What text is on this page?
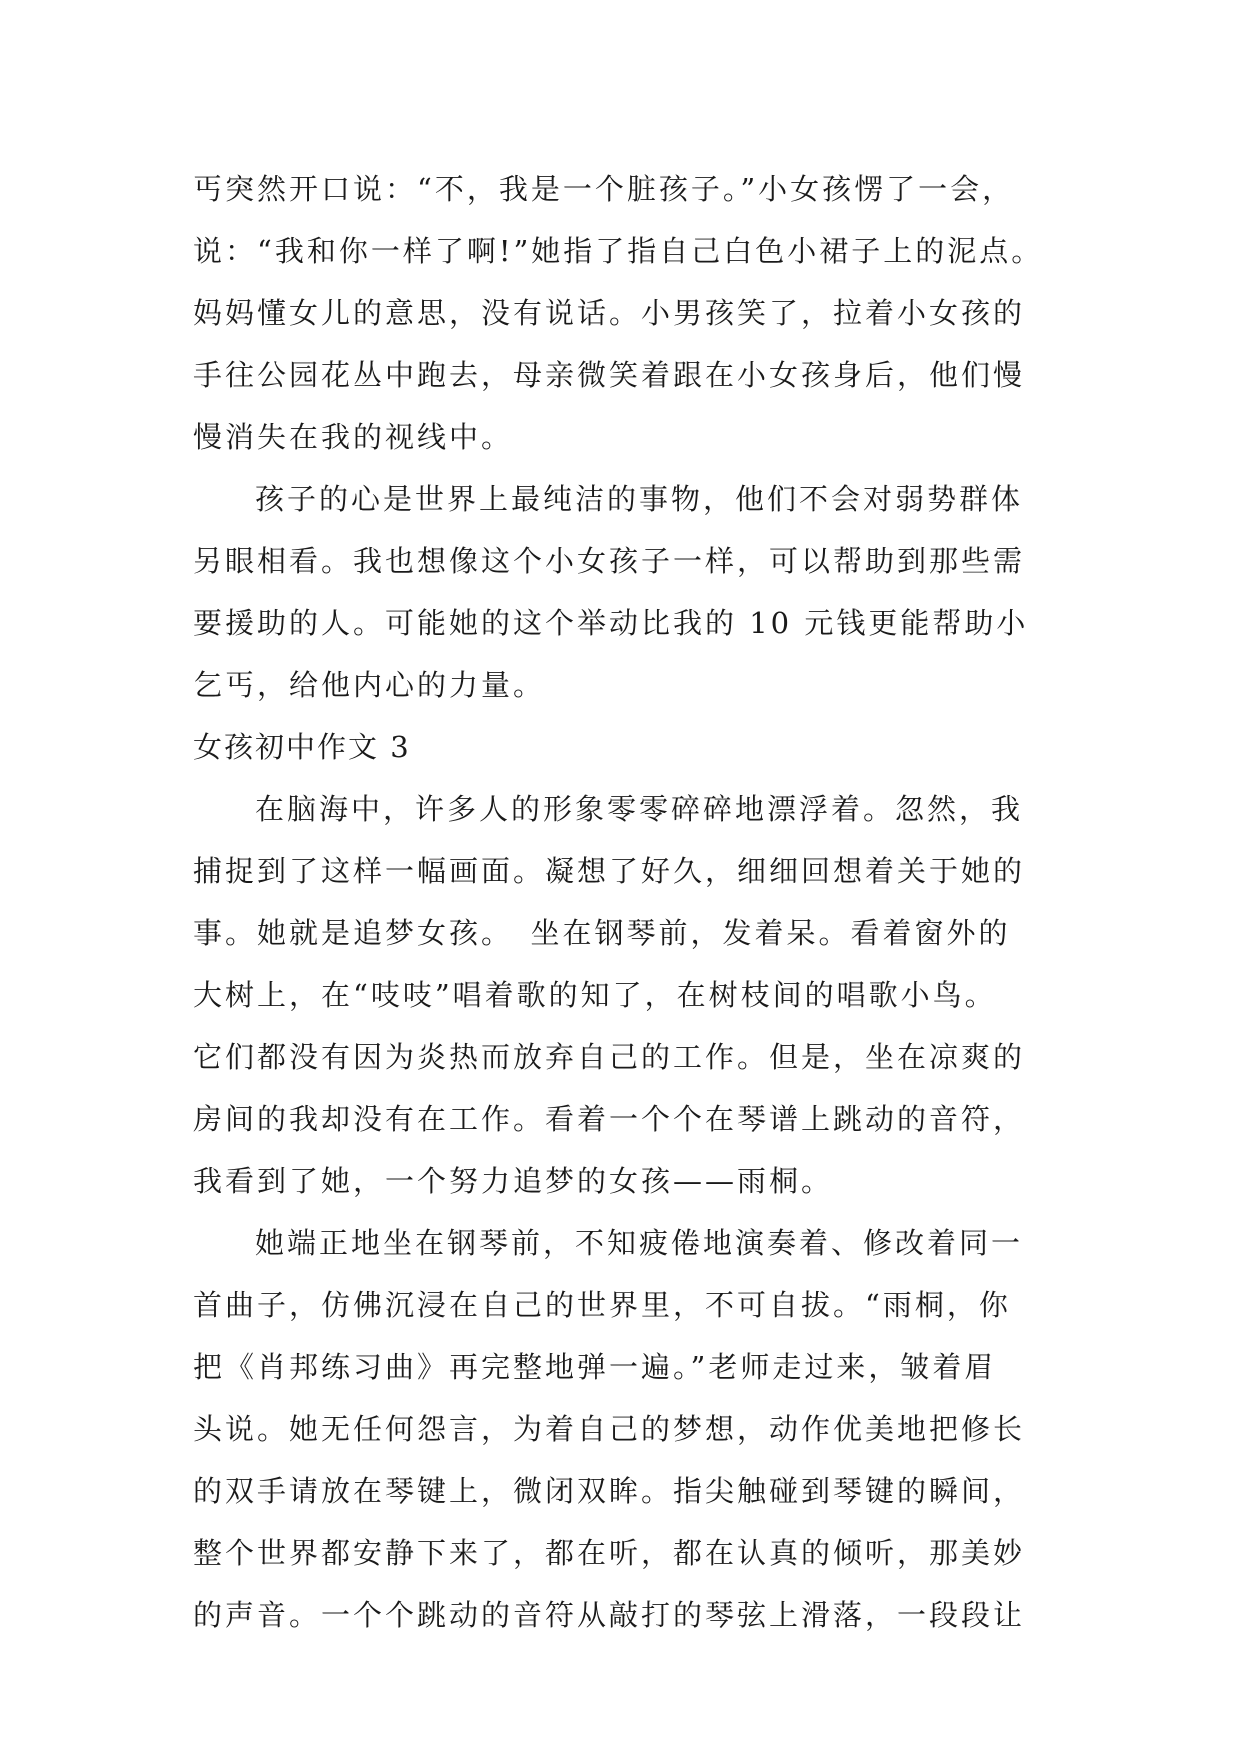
丐突然开口说：“不，我是一个脏孩子。”小女孩愣了一会，
说：“我和你一样了啊!”她指了指自己白色小裙子上的泥点。
妈妈懂女儿的意思，没有说话。小男孩笑了，拉着小女孩的
手往公园花丛中跑去，母亲微笑着跟在小女孩身后，他们慢
慢消失在我的视线中。
孩子的心是世界上最纯洁的事物，他们不会对弱势群体
另眼相看。我也想像这个小女孩子一样，可以帮助到那些需
要援助的人。可能她的这个举动比我的 10 元钱更能帮助小
乞丐，给他内心的力量。
女孩初中作文 3
在脑海中，许多人的形象零零碎碎地漂浮着。忽然，我
捕捉到了这样一幅画面。凝想了好久，细细回想着关于她的
事。她就是追梦女孩。　坐在钢琴前，发着呆。看着窗外的
大树上，在“吱吱”唱着歌的知了，在树枝间的唱歌小鸟。
它们都没有因为炎热而放弃自己的工作。但是，坐在凉爽的
房间的我却没有在工作。看着一个个在琴谱上跳动的音符，
我看到了她，一个努力追梦的女孩——雨桐。
她端正地坐在钢琴前，不知疲倦地演奏着、修改着同一
首曲子，仿佛沉浸在自己的世界里，不可自拔。“雨桐，你
把《肖邦练习曲》再完整地弹一遍。”老师走过来，皱着眉
头说。她无任何怨言，为着自己的梦想，动作优美地把修长
的双手请放在琴键上，微闭双眸。指尖触碰到琴键的瞬间，
整个世界都安静下来了，都在听，都在认真的倾听，那美妙
的声音。一个个跳动的音符从敲打的琴弦上滑落，一段段让
